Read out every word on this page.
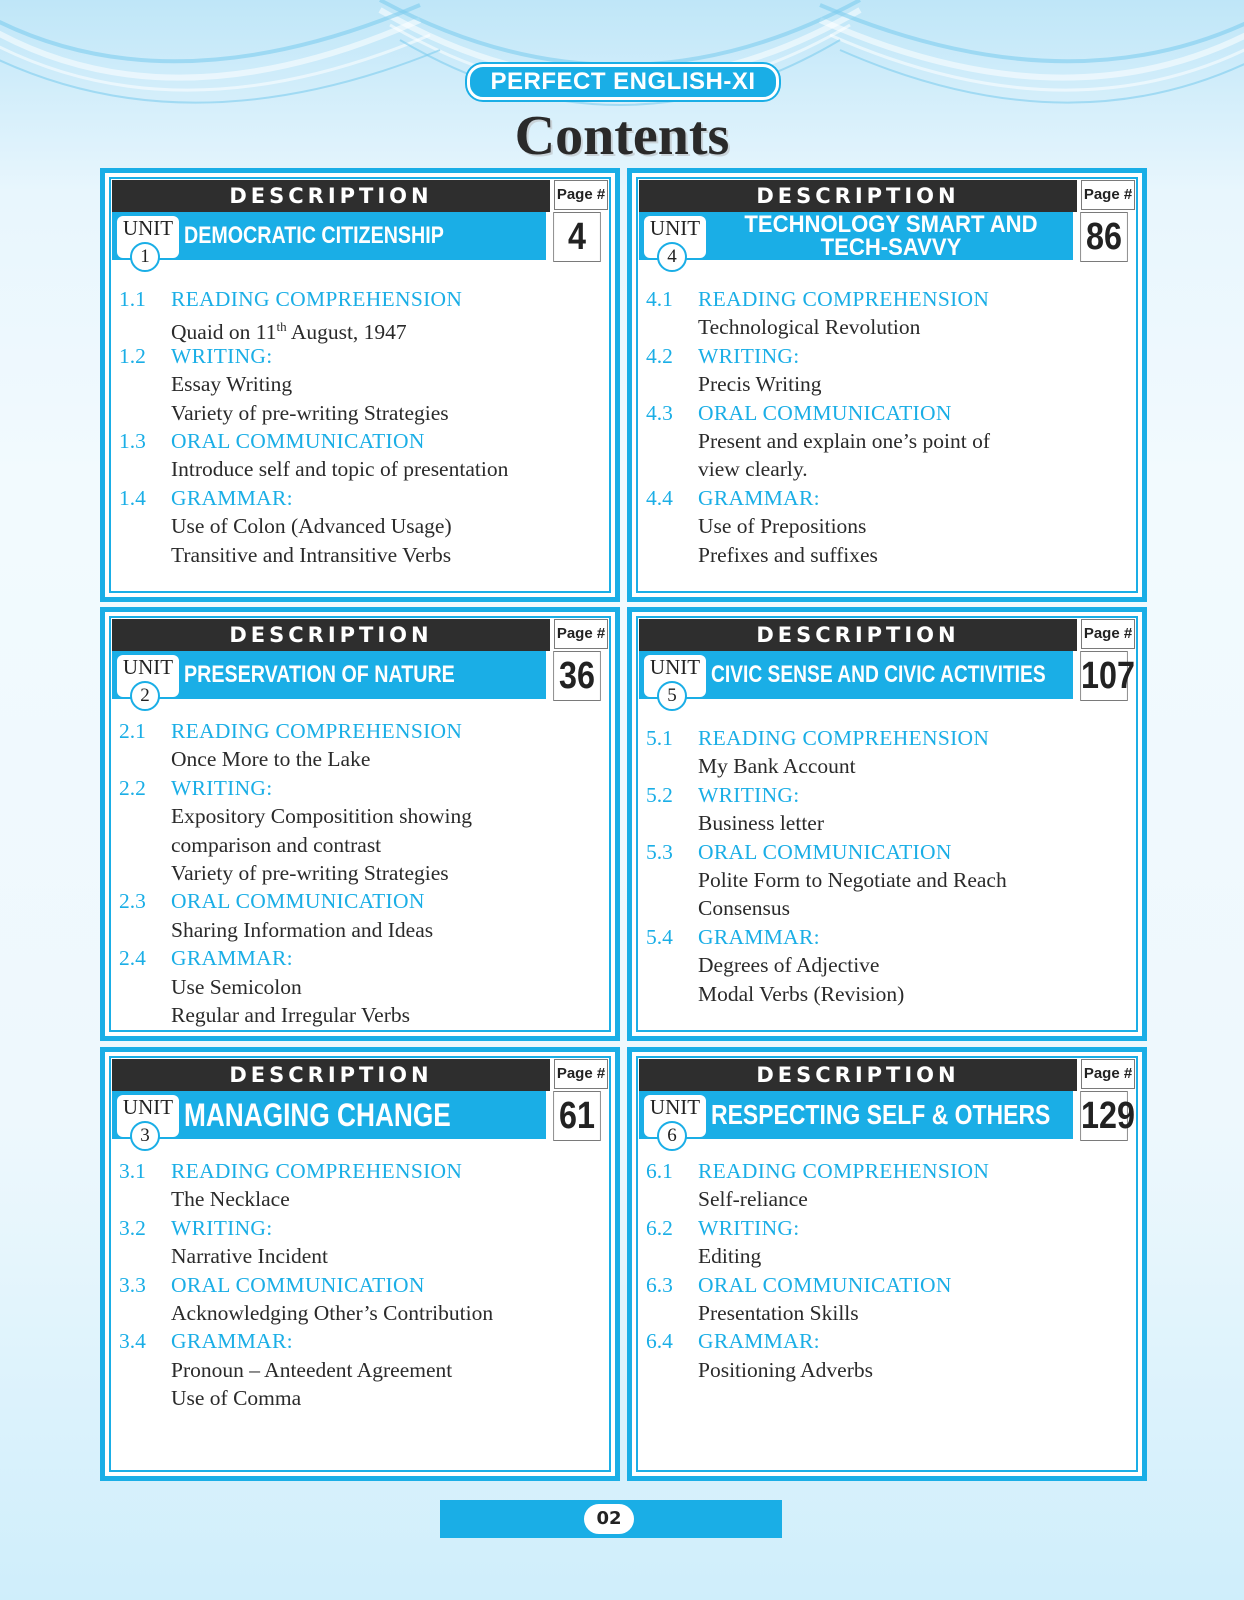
PERFECT ENGLISH-XI
Contents
DESCRIPTION	Page #
UNIT
1
DEMOCRATIC CITIZENSHIP	4
1.1 READING COMPREHENSION
Quaid on 11th August, 1947
1.2 WRITING:
Essay Writing
Variety of pre-writing Strategies
1.3 ORAL COMMUNICATION
Introduce self and topic of presentation
1.4 GRAMMAR:
Use of Colon (Advanced Usage)
Transitive and Intransitive Verbs
DESCRIPTION	Page #
UNIT
4
TECHNOLOGY SMART AND TECH-SAVVY	86
4.1 READING COMPREHENSION
Technological Revolution
4.2 WRITING:
Precis Writing
4.3 ORAL COMMUNICATION
Present and explain one’s point of
view clearly.
4.4 GRAMMAR:
Use of Prepositions
Prefixes and suffixes
DESCRIPTION	Page #
UNIT
2
PRESERVATION OF NATURE	36
2.1 READING COMPREHENSION
Once More to the Lake
2.2 WRITING:
Expository Compositition showing
comparison and contrast
Variety of pre-writing Strategies
2.3 ORAL COMMUNICATION
Sharing Information and Ideas
2.4 GRAMMAR:
Use Semicolon
Regular and Irregular Verbs
DESCRIPTION	Page #
UNIT
5
CIVIC SENSE AND CIVIC ACTIVITIES 107
5.1 READING COMPREHENSION
My Bank Account
5.2 WRITING:
Business letter
5.3 ORAL COMMUNICATION
Polite Form to Negotiate and Reach
Consensus
5.4 GRAMMAR:
Degrees of Adjective
Modal Verbs (Revision)
DESCRIPTION	Page #
UNIT
3
MANAGING CHANGE	61
3.1 READING COMPREHENSION
The Necklace
3.2 WRITING:
Narrative Incident
3.3 ORAL COMMUNICATION
Acknowledging Other’s Contribution
3.4 GRAMMAR:
Pronoun – Anteedent Agreement
Use of Comma
DESCRIPTION	Page #
UNIT
6
RESPECTING SELF & OTHERS 129
6.1 READING COMPREHENSION
Self-reliance
6.2 WRITING:
Editing
6.3 ORAL COMMUNICATION
Presentation Skills
6.4 GRAMMAR:
Positioning Adverbs
02
